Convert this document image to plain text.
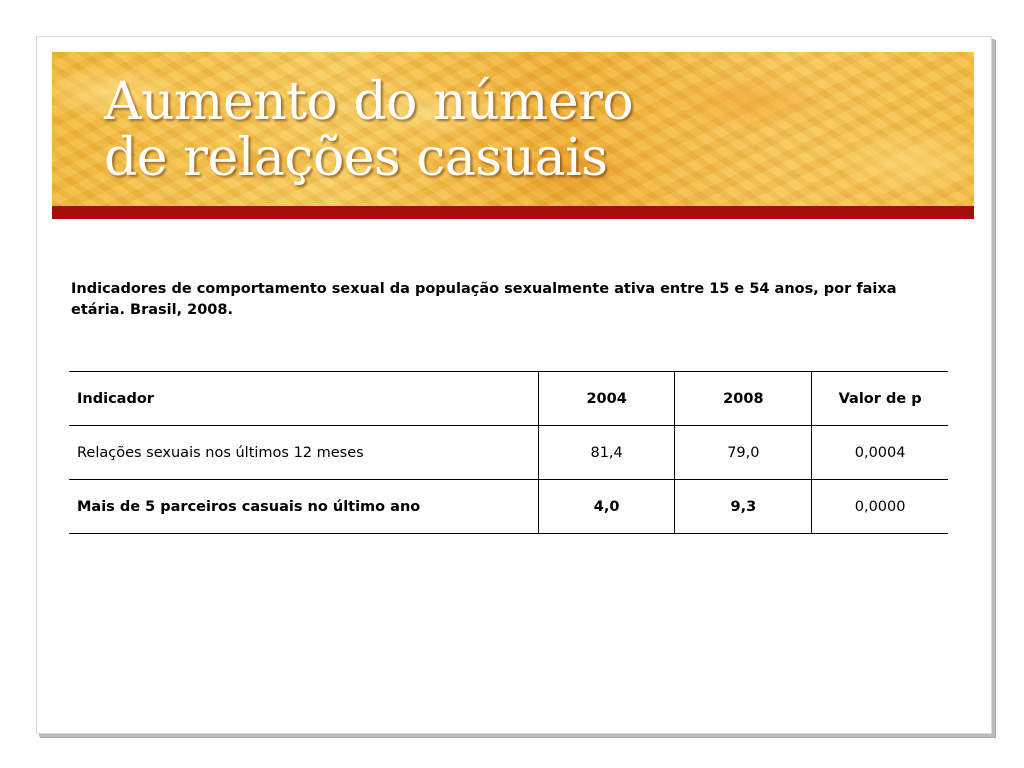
Aumento do número
de relações casuais

Indicadores de comportamento sexual da população sexualmente ativa entre 15 e 54 anos, por faixa etária. Brasil, 2008.

Indicador	2004	2008	Valor de p
Relações sexuais nos últimos 12 meses	81,4	79,0	0,0004
Mais de 5 parceiros casuais no último ano	4,0	9,3	0,0000
